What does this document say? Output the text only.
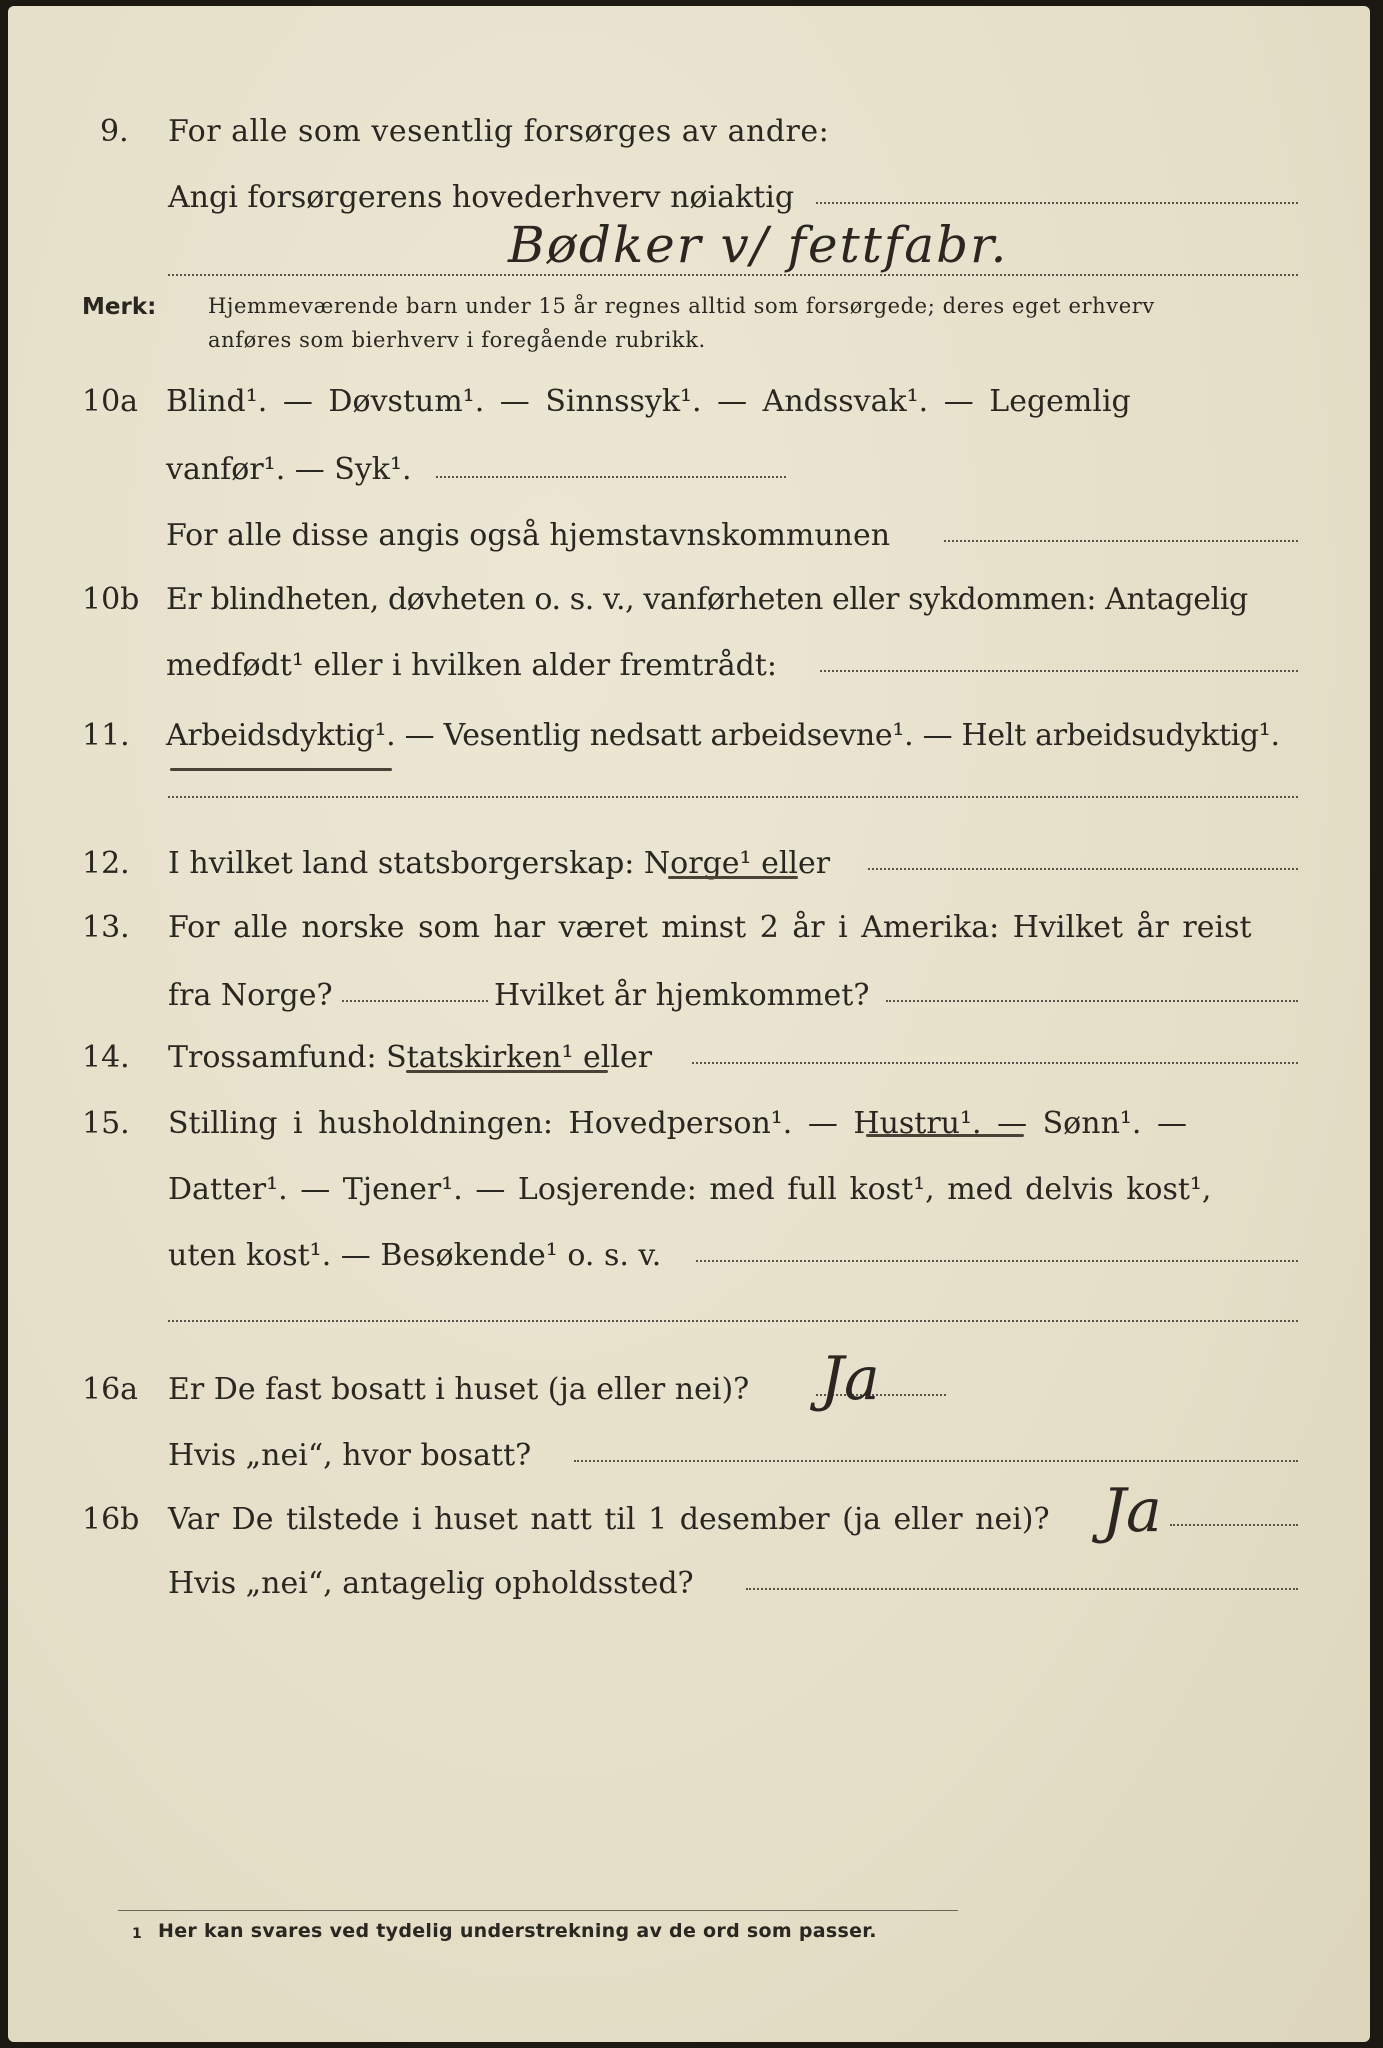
9. For alle som vesentlig forsørges av andre:
Angi forsørgerens hovederhverv nøiaktig
Bødker v/ fettfabr.
Merk: Hjemmeværende barn under 15 år regnes alltid som forsørgede; deres eget erhverv
anføres som bierhverv i foregående rubrikk.
10a Blind¹. — Døvstum¹. — Sinnssyk¹. — Andssvak¹. — Legemlig
vanfør¹. — Syk¹.
For alle disse angis også hjemstavnskommunen
10b Er blindheten, døvheten o. s. v., vanførheten eller sykdommen: Antagelig
medfødt¹ eller i hvilken alder fremtrådt:
11. Arbeidsdyktig¹. — Vesentlig nedsatt arbeidsevne¹. — Helt arbeidsudyktig¹.
12. I hvilket land statsborgerskap: Norge¹ eller
13. For alle norske som har været minst 2 år i Amerika: Hvilket år reist
fra Norge?	Hvilket år hjemkommet?
14. Trossamfund: Statskirken¹ eller
15. Stilling i husholdningen: Hovedperson¹. — Hustru¹. — Sønn¹. —
Datter¹. — Tjener¹. — Losjerende: med full kost¹, med delvis kost¹,
uten kost¹. — Besøkende¹ o. s. v.
16a Er De fast bosatt i huset (ja eller nei)? Ja
Hvis „nei“, hvor bosatt?
16b Var De tilstede i huset natt til 1 desember (ja eller nei)? Ja
Hvis „nei“, antagelig opholdssted?
1 Her kan svares ved tydelig understrekning av de ord som passer.
